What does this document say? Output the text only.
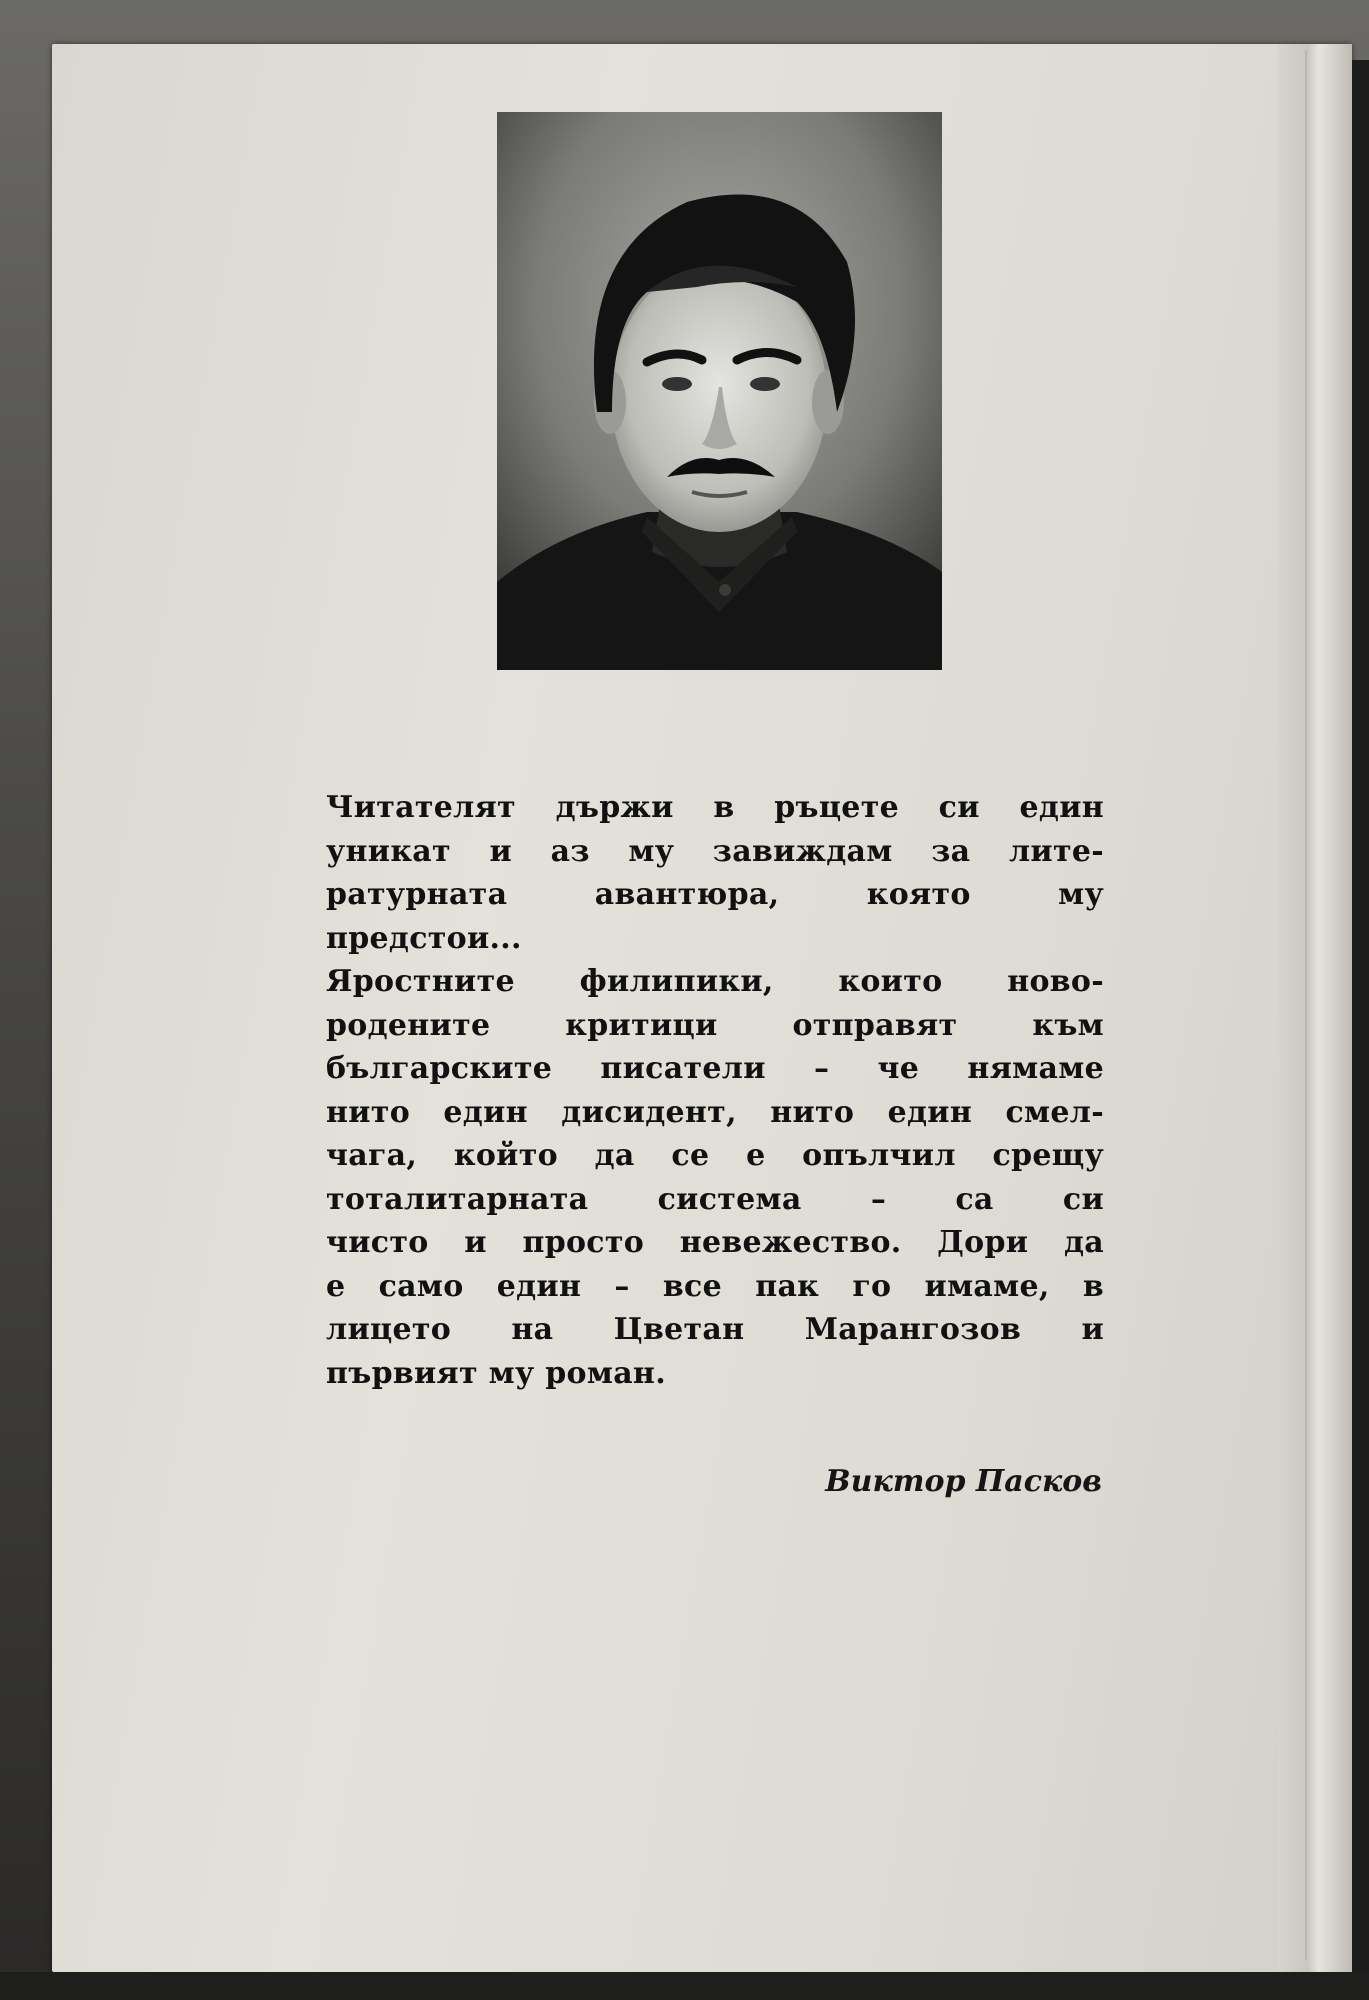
Читателят държи в ръцете си един
уникат и аз му завиждам за лите-
ратурната авантюра, която му
предстои...
Яростните филипики, които ново-
родените критици отправят към
българските писатели – че нямаме
нито един дисидент, нито един смел-
чага, който да се е опълчил срещу
тоталитарната система – са си
чисто и просто невежество. Дори да
е само един – все пак го имаме, в
лицето на Цветан Марангозов и
първият му роман.
Виктор Пасков
